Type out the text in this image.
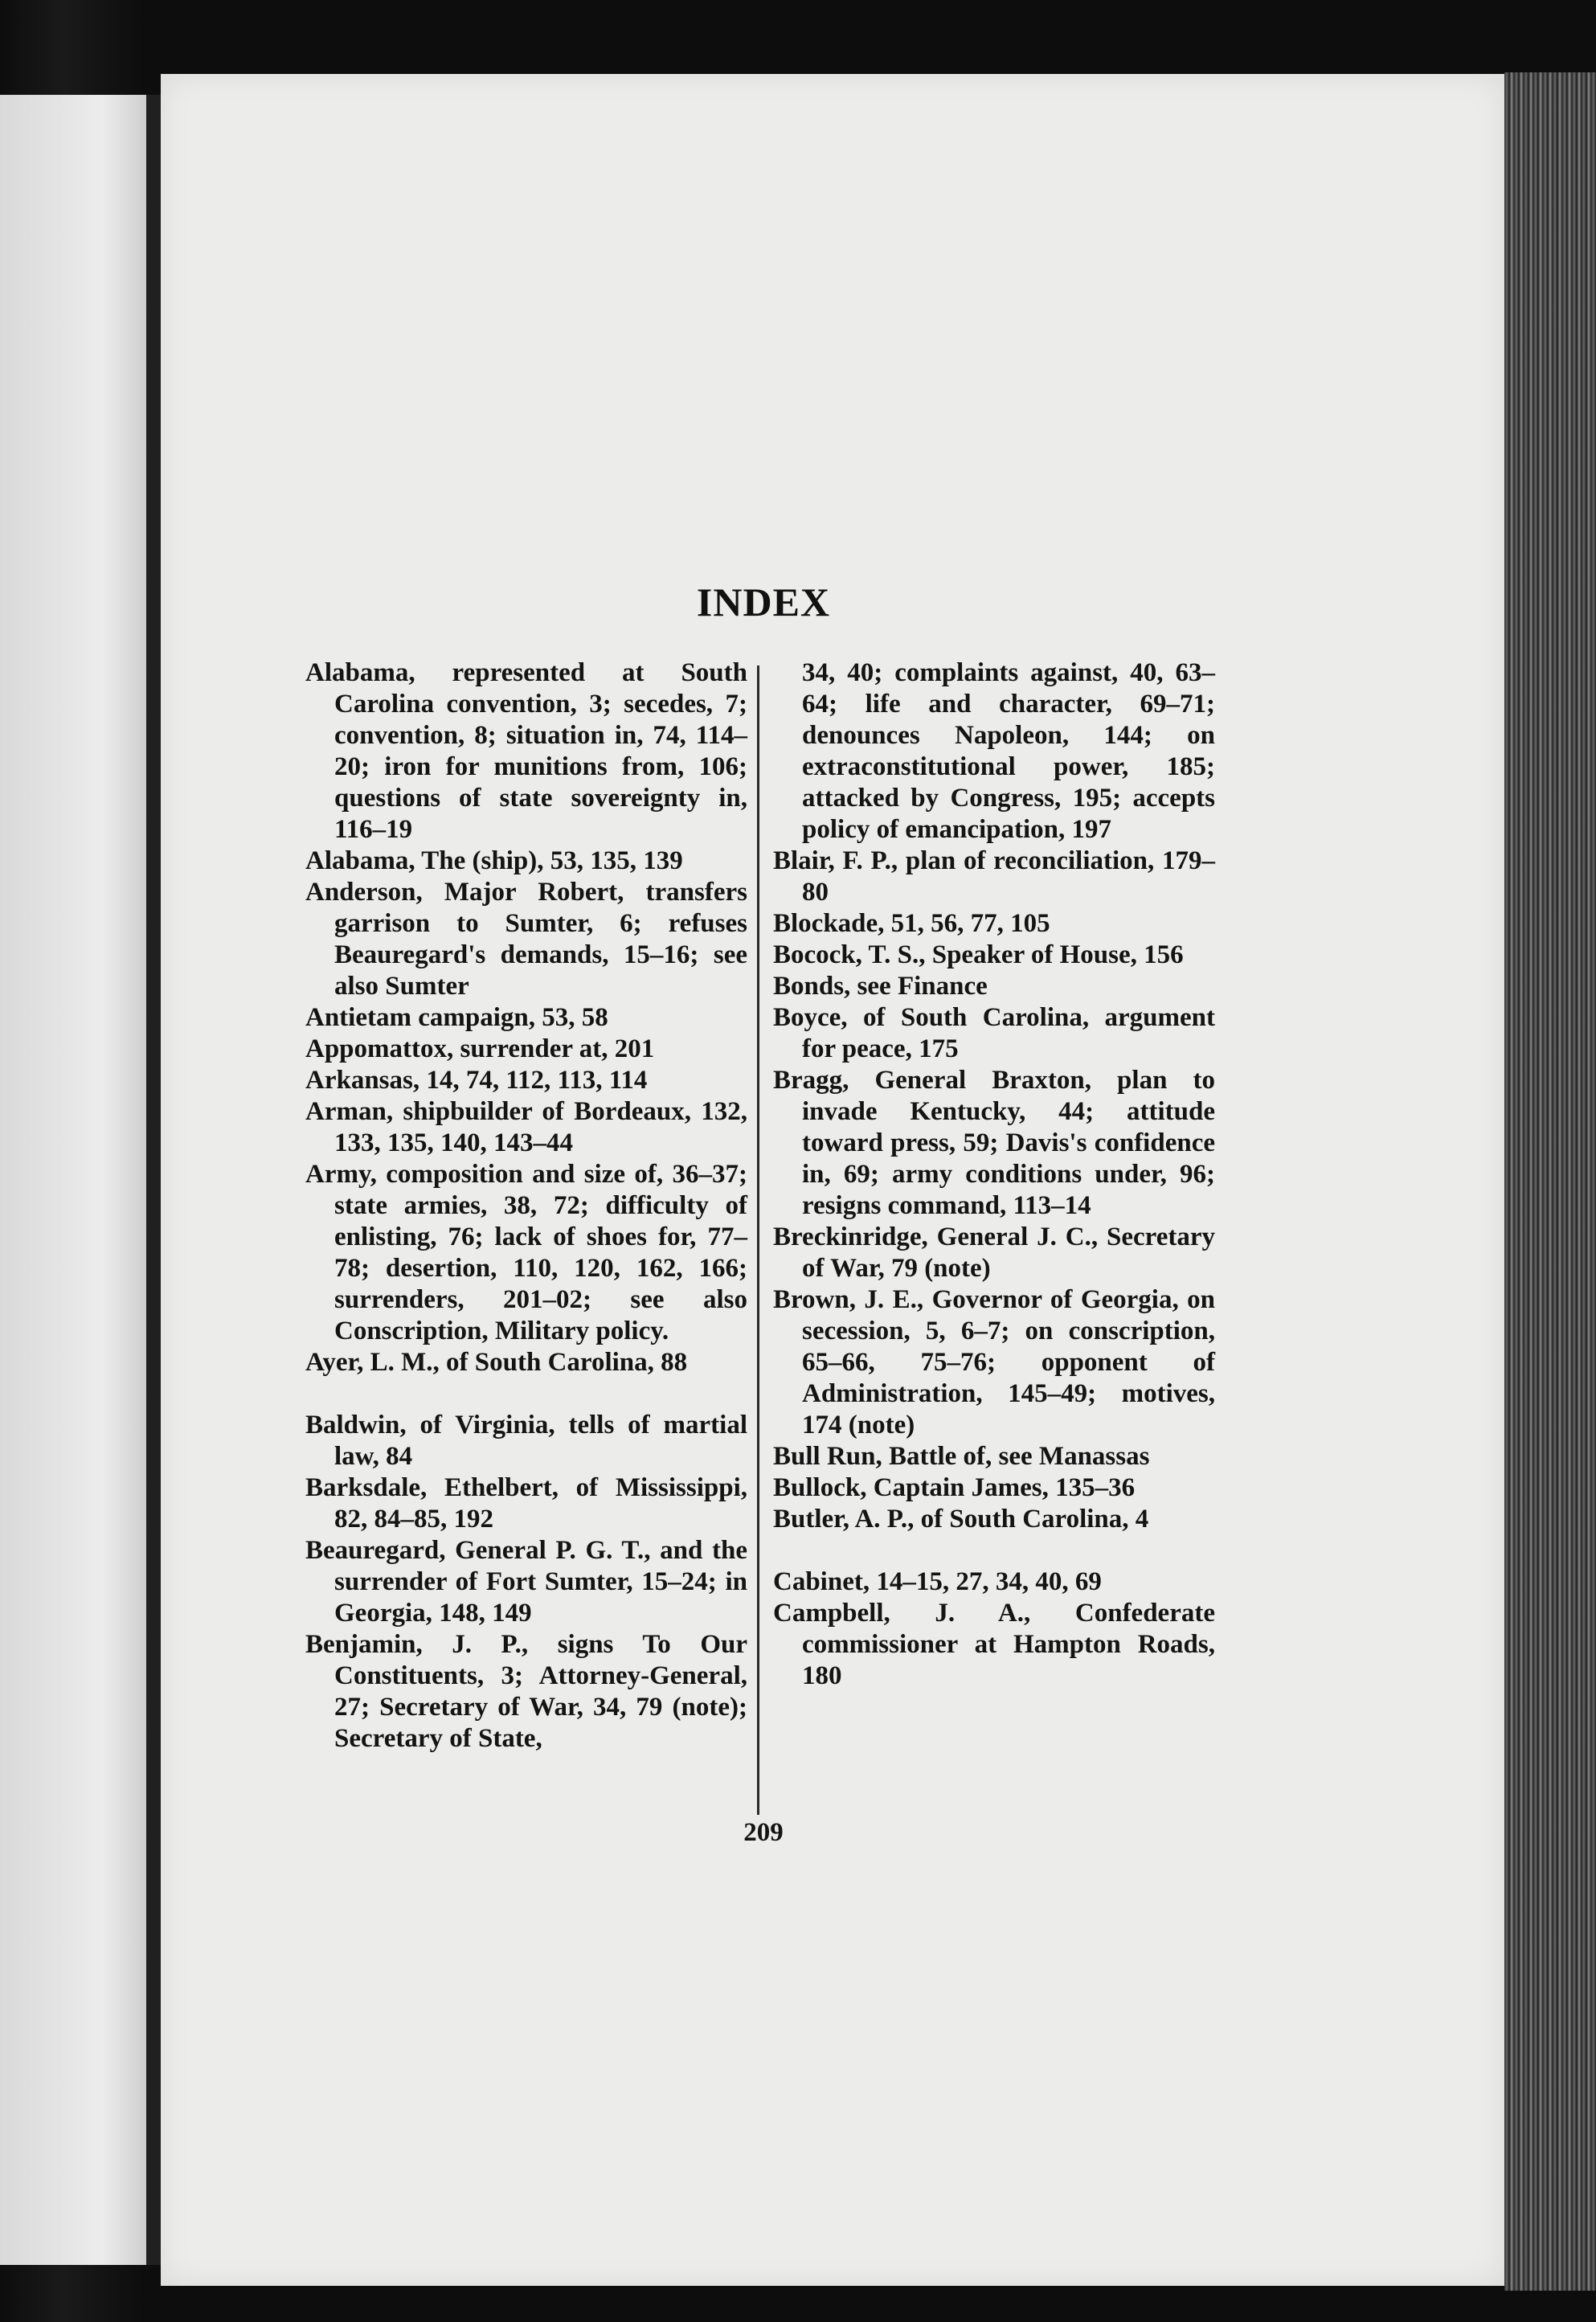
INDEX

Alabama, represented at South Carolina convention, 3; secedes, 7; convention, 8; situation in, 74, 114–20; iron for munitions from, 106; questions of state sovereignty in, 116–19

Alabama, The (ship), 53, 135, 139

Anderson, Major Robert, transfers garrison to Sumter, 6; refuses Beauregard's demands, 15–16; see also Sumter

Antietam campaign, 53, 58

Appomattox, surrender at, 201

Arkansas, 14, 74, 112, 113, 114

Arman, shipbuilder of Bordeaux, 132, 133, 135, 140, 143–44

Army, composition and size of, 36–37; state armies, 38, 72; difficulty of enlisting, 76; lack of shoes for, 77–78; desertion, 110, 120, 162, 166; surrenders, 201–02; see also Conscription, Military policy.

Ayer, L. M., of South Carolina, 88

Baldwin, of Virginia, tells of martial law, 84

Barksdale, Ethelbert, of Mississippi, 82, 84–85, 192

Beauregard, General P. G. T., and the surrender of Fort Sumter, 15–24; in Georgia, 148, 149

Benjamin, J. P., signs To Our Constituents, 3; Attorney-General, 27; Secretary of War, 34, 79 (note); Secretary of State,

34, 40; complaints against, 40, 63–64; life and character, 69–71; denounces Napoleon, 144; on extraconstitutional power, 185; attacked by Congress, 195; accepts policy of emancipation, 197

Blair, F. P., plan of reconciliation, 179–80

Blockade, 51, 56, 77, 105

Bocock, T. S., Speaker of House, 156

Bonds, see Finance

Boyce, of South Carolina, argument for peace, 175

Bragg, General Braxton, plan to invade Kentucky, 44; attitude toward press, 59; Davis's confidence in, 69; army conditions under, 96; resigns command, 113–14

Breckinridge, General J. C., Secretary of War, 79 (note)

Brown, J. E., Governor of Georgia, on secession, 5, 6–7; on conscription, 65–66, 75–76; opponent of Administration, 145–49; motives, 174 (note)

Bull Run, Battle of, see Manassas

Bullock, Captain James, 135–36

Butler, A. P., of South Carolina, 4

Cabinet, 14–15, 27, 34, 40, 69

Campbell, J. A., Confederate commissioner at Hampton Roads, 180

209
